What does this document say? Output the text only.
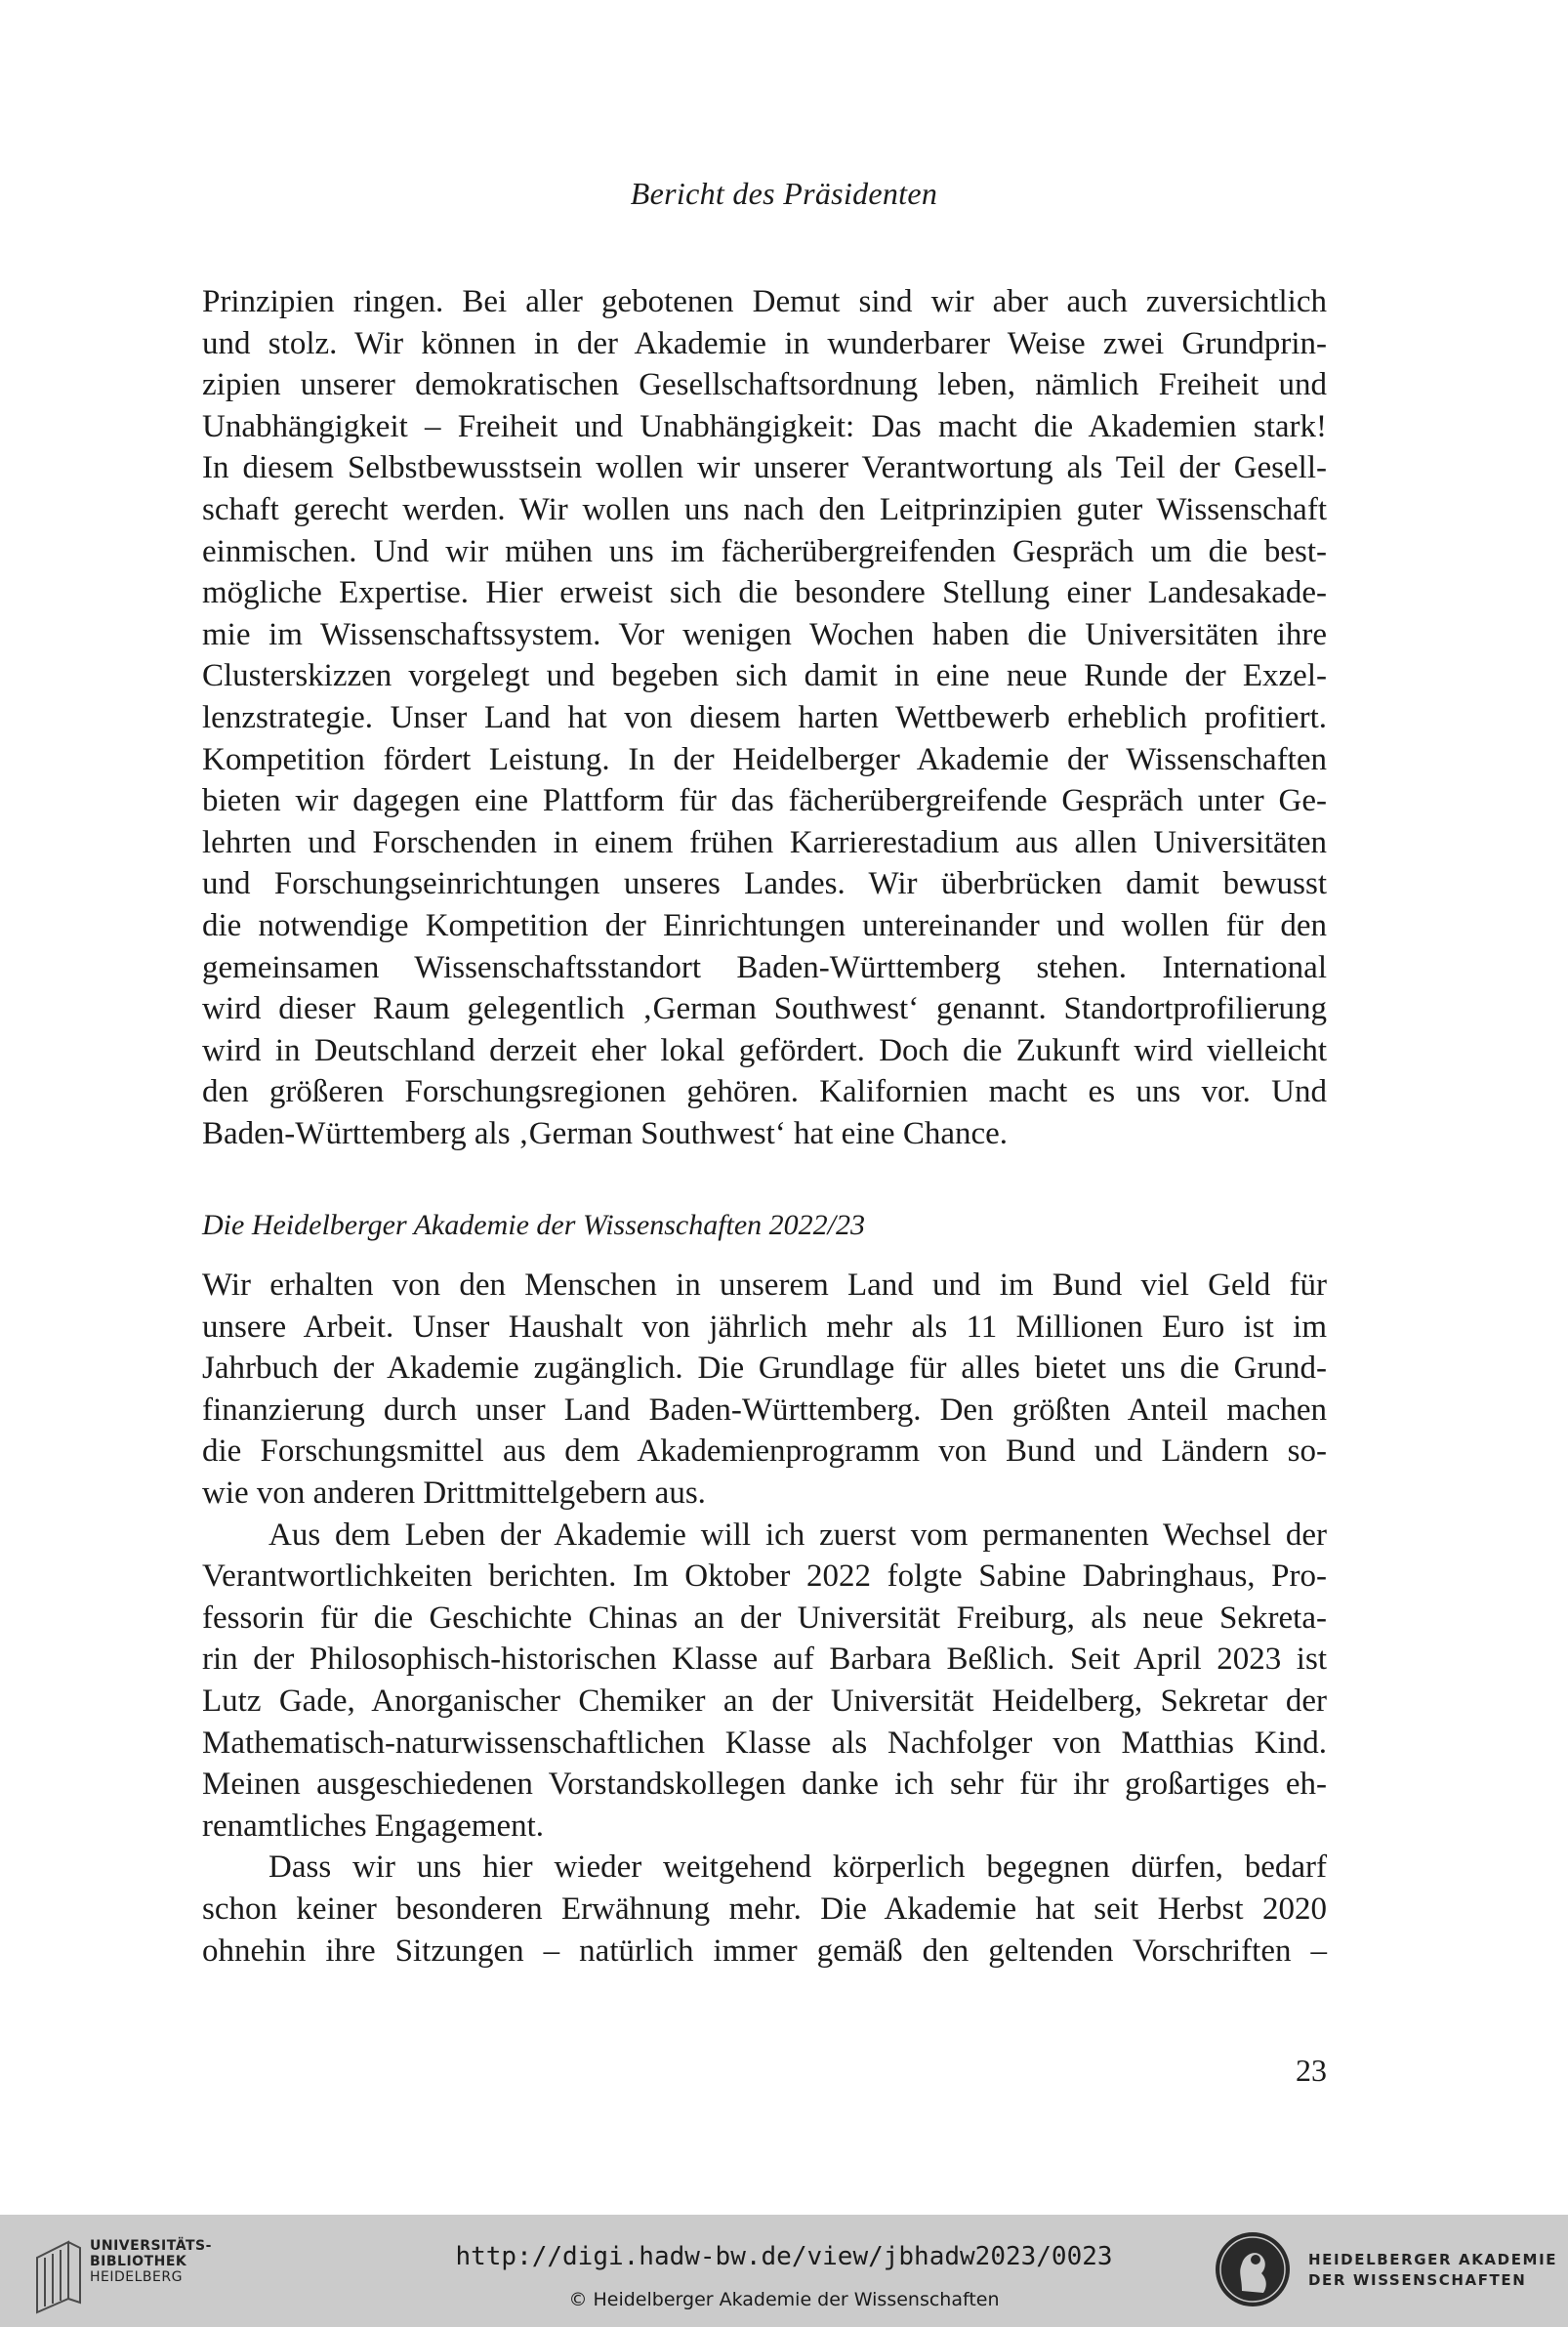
Bericht des Präsidenten
Prinzipien ringen. Bei aller gebotenen Demut sind wir aber auch zuversichtlich
und stolz. Wir können in der Akademie in wunderbarer Weise zwei Grundprin-
zipien unserer demokratischen Gesellschaftsordnung leben, nämlich Freiheit und
Unabhängigkeit – Freiheit und Unabhängigkeit: Das macht die Akademien stark!
In diesem Selbstbewusstsein wollen wir unserer Verantwortung als Teil der Gesell-
schaft gerecht werden. Wir wollen uns nach den Leitprinzipien guter Wissenschaft
einmischen. Und wir mühen uns im fächerübergreifenden Gespräch um die best-
mögliche Expertise. Hier erweist sich die besondere Stellung einer Landesakade-
mie im Wissenschaftssystem. Vor wenigen Wochen haben die Universitäten ihre
Clusterskizzen vorgelegt und begeben sich damit in eine neue Runde der Exzel-
lenzstrategie. Unser Land hat von diesem harten Wettbewerb erheblich profitiert.
Kompetition fördert Leistung. In der Heidelberger Akademie der Wissenschaften
bieten wir dagegen eine Plattform für das fächerübergreifende Gespräch unter Ge-
lehrten und Forschenden in einem frühen Karrierestadium aus allen Universitäten
und Forschungseinrichtungen unseres Landes. Wir überbrücken damit bewusst
die notwendige Kompetition der Einrichtungen untereinander und wollen für den
gemeinsamen Wissenschaftsstandort Baden-Württemberg stehen. International
wird dieser Raum gelegentlich ‚German Southwest‘ genannt. Standortprofilierung
wird in Deutschland derzeit eher lokal gefördert. Doch die Zukunft wird vielleicht
den größeren Forschungsregionen gehören. Kalifornien macht es uns vor. Und
Baden-Württemberg als ‚German Southwest‘ hat eine Chance.
Die Heidelberger Akademie der Wissenschaften 2022/23
Wir erhalten von den Menschen in unserem Land und im Bund viel Geld für
unsere Arbeit. Unser Haushalt von jährlich mehr als 11 Millionen Euro ist im
Jahrbuch der Akademie zugänglich. Die Grundlage für alles bietet uns die Grund-
finanzierung durch unser Land Baden-Württemberg. Den größten Anteil machen
die Forschungsmittel aus dem Akademienprogramm von Bund und Ländern so-
wie von anderen Drittmittelgebern aus.
Aus dem Leben der Akademie will ich zuerst vom permanenten Wechsel der
Verantwortlichkeiten berichten. Im Oktober 2022 folgte Sabine Dabringhaus, Pro-
fessorin für die Geschichte Chinas an der Universität Freiburg, als neue Sekreta-
rin der Philosophisch-historischen Klasse auf Barbara Beßlich. Seit April 2023 ist
Lutz Gade, Anorganischer Chemiker an der Universität Heidelberg, Sekretar der
Mathematisch-naturwissenschaftlichen Klasse als Nachfolger von Matthias Kind.
Meinen ausgeschiedenen Vorstandskollegen danke ich sehr für ihr großartiges eh-
renamtliches Engagement.
Dass wir uns hier wieder weitgehend körperlich begegnen dürfen, bedarf
schon keiner besonderen Erwähnung mehr. Die Akademie hat seit Herbst 2020
ohnehin ihre Sitzungen – natürlich immer gemäß den geltenden Vorschriften –
23
UNIVERSITÄTS-
BIBLIOTHEK
HEIDELBERG
http://digi.hadw-bw.de/view/jbhadw2023/0023
© Heidelberger Akademie der Wissenschaften
HEIDELBERGER AKADEMIE
DER WISSENSCHAFTEN
